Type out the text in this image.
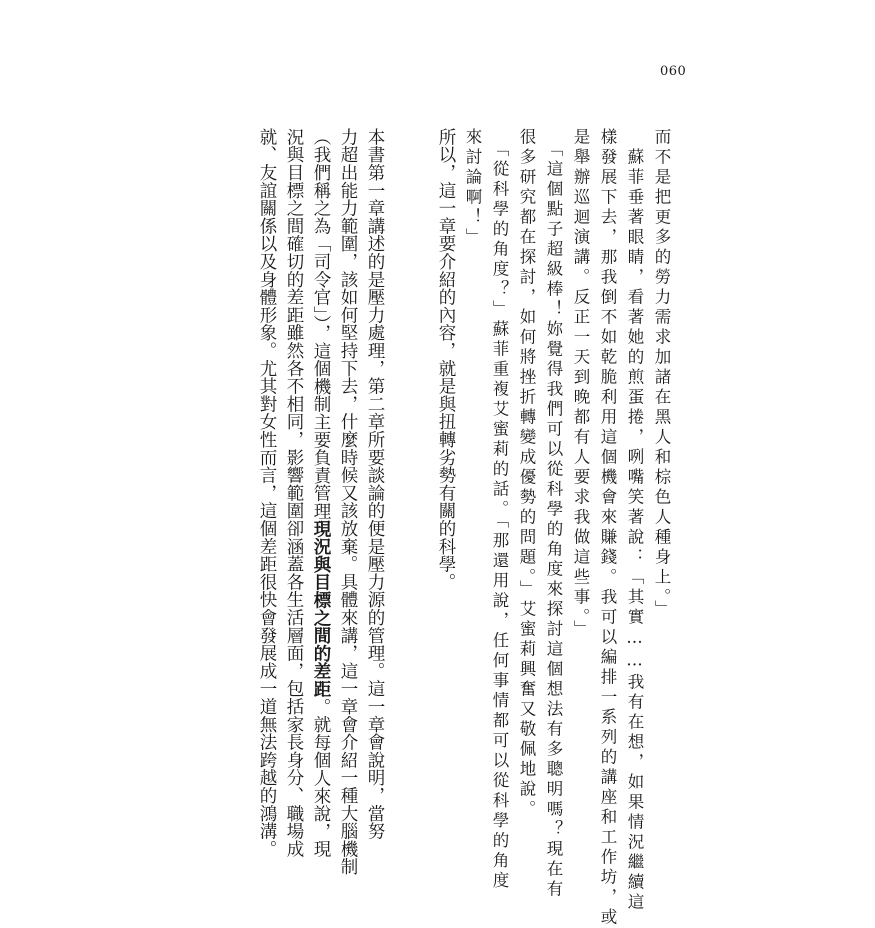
060
而不是把更多的勞力需求加諸在黑人和棕色人種身上。」
　蘇菲垂著眼睛，看著她的煎蛋捲，咧嘴笑著說：「其實……我有在想，如果情況繼續這
樣發展下去，那我倒不如乾脆利用這個機會來賺錢。我可以編排一系列的講座和工作坊，或
是舉辦巡迴演講。反正一天到晚都有人要求我做這些事。」
　「這個點子超級棒！妳覺得我們可以從科學的角度來探討這個想法有多聰明嗎？現在有
很多研究都在探討，如何將挫折轉變成優勢的問題。」艾蜜莉興奮又敬佩地說。
　「從科學的角度？」蘇菲重複艾蜜莉的話。「那還用說，任何事情都可以從科學的角度
來討論啊！」
所以，這一章要介紹的內容，就是與扭轉劣勢有關的科學。
本書第一章講述的是壓力處理，第二章所要談論的便是壓力源的管理。這一章會說明，當努
力超出能力範圍，該如何堅持下去，什麼時候又該放棄。具體來講，這一章會介紹一種大腦機制
（我們稱之為「司令官」），這個機制主要負責管理現況與目標之間的差距。就每個人來說，現
況與目標之間確切的差距雖然各不相同，影響範圍卻涵蓋各生活層面，包括家長身分、職場成
就、友誼關係以及身體形象。尤其對女性而言，這個差距很快會發展成一道無法跨越的鴻溝。
